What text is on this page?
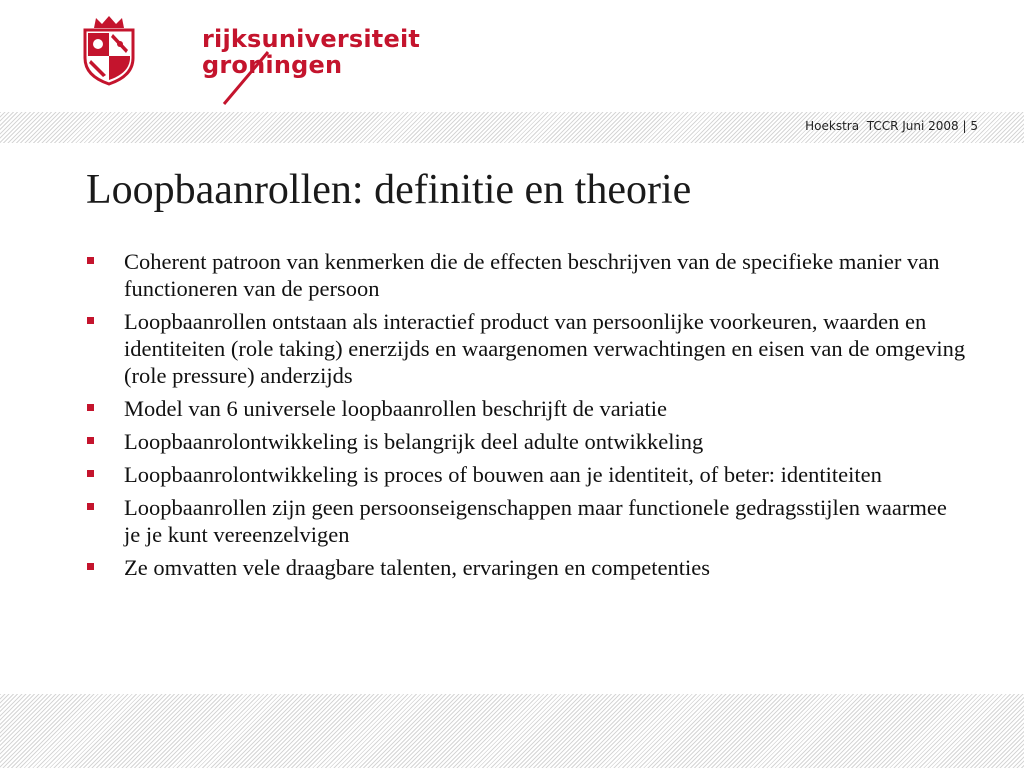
rijksuniversiteit
groningen
Hoekstra  TCCR Juni 2008 | 5
Loopbaanrollen: definitie en theorie
Coherent patroon van kenmerken die de effecten beschrijven van de specifieke manier van functioneren van de persoon
Loopbaanrollen ontstaan als interactief product van persoonlijke voorkeuren, waarden en identiteiten (role taking) enerzijds en waargenomen verwachtingen en eisen van de omgeving (role pressure) anderzijds
Model van 6 universele loopbaanrollen beschrijft de variatie
Loopbaanrolontwikkeling is belangrijk deel adulte ontwikkeling
Loopbaanrolontwikkeling is proces of bouwen aan je identiteit, of beter: identiteiten
Loopbaanrollen zijn geen persoonseigenschappen maar functionele gedragsstijlen waarmee je je kunt vereenzelvigen
Ze omvatten vele draagbare talenten, ervaringen en competenties
